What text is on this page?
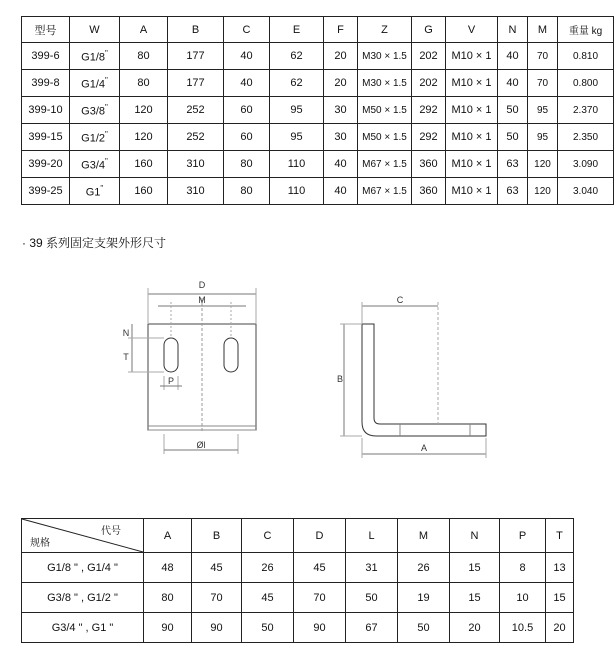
型号	W	A	B	C	E	F	Z	G	V	N	M	重量 kg
399-6	G1/8"	80	177	40	62	20	M30 × 1.5	202	M10 × 1	40	70	0.810
399-8	G1/4"	80	177	40	62	20	M30 × 1.5	202	M10 × 1	40	70	0.800
399-10	G3/8"	120	252	60	95	30	M50 × 1.5	292	M10 × 1	50	95	2.370
399-15	G1/2"	120	252	60	95	30	M50 × 1.5	292	M10 × 1	50	95	2.350
399-20	G3/4"	160	310	80	110	40	M67 × 1.5	360	M10 × 1	63	120	3.090
399-25	G1"	160	310	80	110	40	M67 × 1.5	360	M10 × 1	63	120	3.040
· 39 系列固定支架外形尺寸
D
M
N
T
P
Øl
C
B
A
代号
规格	A	B	C	D	L	M	N	P	T
G1/8 " , G1/4 "	48	45	26	45	31	26	15	8	13
G3/8 " , G1/2 "	80	70	45	70	50	19	15	10	15
G3/4 " , G1 "	90	90	50	90	67	50	20	10.5	20
